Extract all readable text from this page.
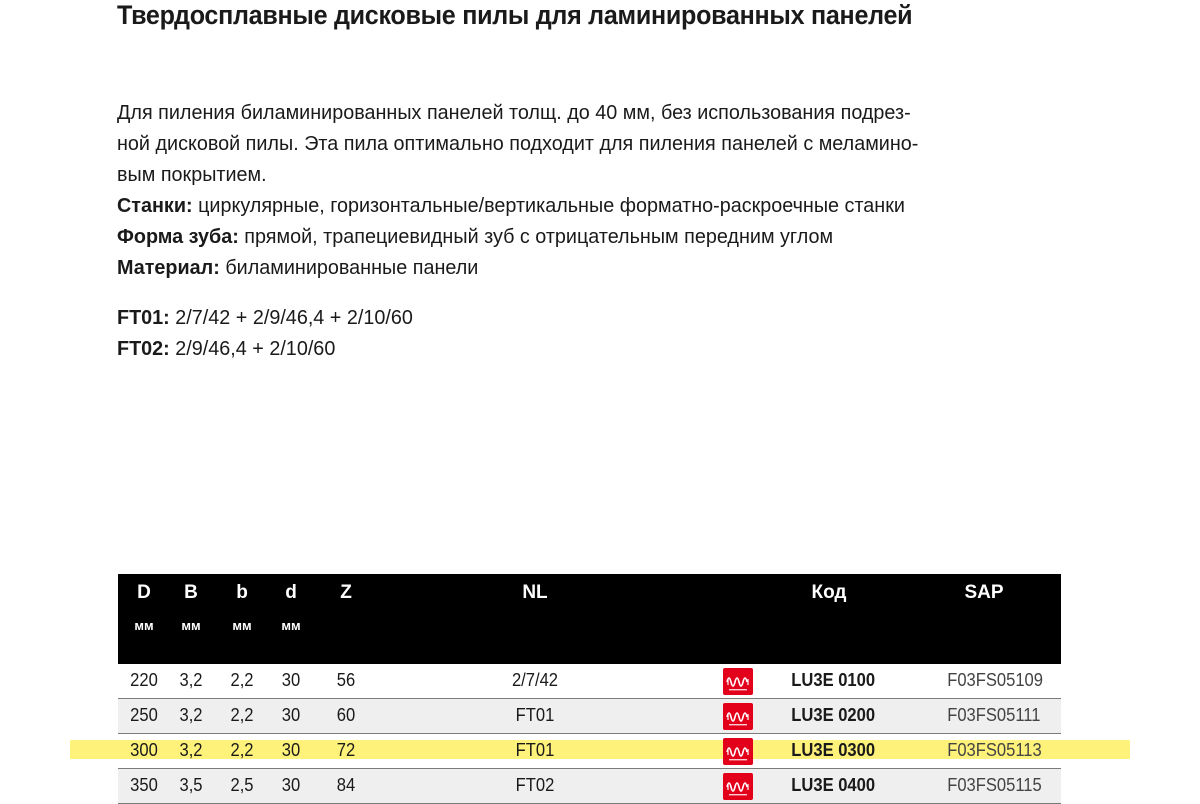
Твердосплавные дисковые пилы для ламинированных панелей

Для пиления биламинированных панелей толщ. до 40 мм, без использования подрез-

ной дисковой пилы. Эта пила оптимально подходит для пиления панелей с меламино-

вым покрытием.

Станки: циркулярные, горизонтальные/вертикальные форматно-раскроечные станки

Форма зуба: прямой, трапециевидный зуб с отрицательным передним углом

Материал: биламинированные панели

FT01: 2/7/42 + 2/9/46,4 + 2/10/60

FT02: 2/9/46,4 + 2/10/60

D	B	b	d	Z	NL	Код	SAP
мм	мм	мм	мм
220	3,2	2,2	30	56	2/7/42	LU3E 0100	F03FS05109
250	3,2	2,2	30	60	FT01	LU3E 0200	F03FS05111
300	3,2	2,2	30	72	FT01	LU3E 0300	F03FS05113
350	3,5	2,5	30	84	FT02	LU3E 0400	F03FS05115
